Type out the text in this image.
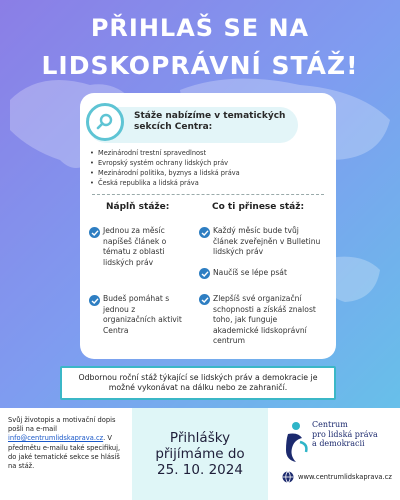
PŘIHLAŠ SE NA
LIDSKOPRÁVNÍ STÁŽ!
Stáže nabízíme v tematických sekcích Centra:
• Mezinárodní trestní spravedlnost
• Evropský systém ochrany lidských práv
• Mezinárodní politika, byznys a lidská práva
• Česká republika a lidská práva
Náplň stáže:	Co ti přinese stáž:
Jednou za měsíc napíšeš článek o tématu z oblasti lidských práv
Budeš pomáhat s jednou z organizačních aktivit Centra
Každý měsíc bude tvůj článek zveřejněn v Bulletinu lidských práv
Naučíš se lépe psát
Zlepšíš své organizační schopnosti a získáš znalost toho, jak funguje akademické lidskoprávní centrum
Odbornou roční stáž týkající se lidských práv a demokracie je možné vykonávat na dálku nebo ze zahraničí.
Svůj životopis a motivační dopis pošli na e-mail info@centrumlidskaprava.cz. V předmětu e-mailu také specifikuj, do jaké tematické sekce se hlásíš na stáž.
Přihlášky
přijímáme do
25. 10. 2024
Centrum
pro lidská práva
a demokracii
www.centrumlidskaprava.cz
